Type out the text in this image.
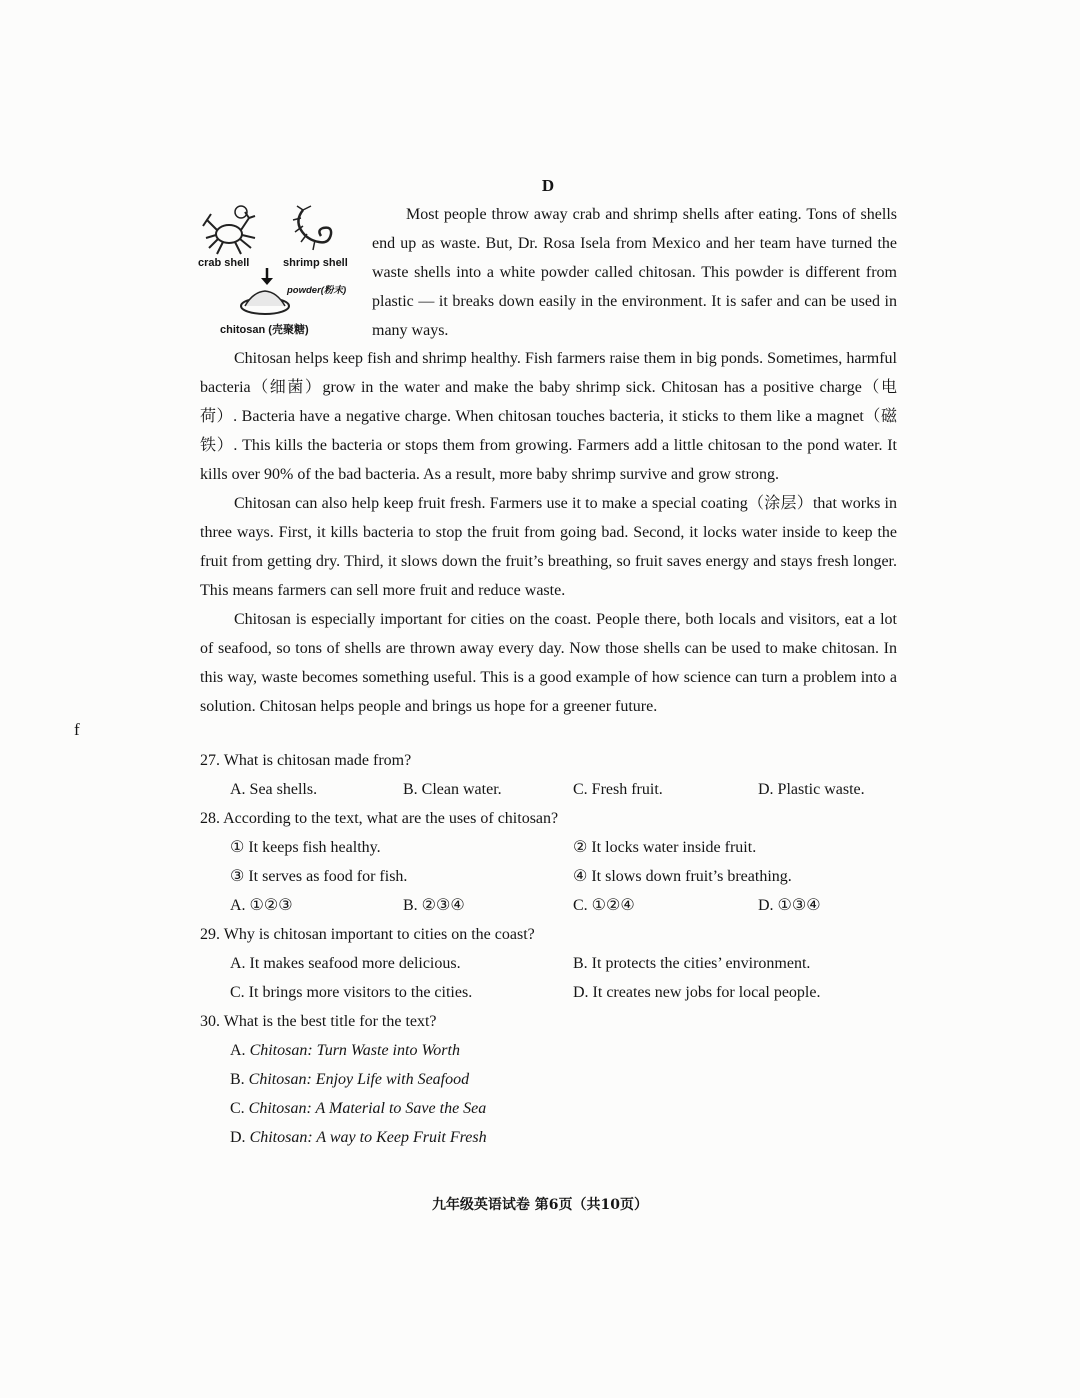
D
crab shell	shrimp shell
powder(粉末)
chitosan (壳聚糖)

Most people throw away crab and shrimp shells after eating. Tons of shells end up as waste. But, Dr. Rosa Isela from Mexico and her team have turned the waste shells into a white powder called chitosan. This powder is different from plastic — it breaks down easily in the environment. It is safer and can be used in many ways.

Chitosan helps keep fish and shrimp healthy. Fish farmers raise them in big ponds. Sometimes, harmful bacteria（细菌）grow in the water and make the baby shrimp sick. Chitosan has a positive charge（电荷）. Bacteria have a negative charge. When chitosan touches bacteria, it sticks to them like a magnet（磁铁）. This kills the bacteria or stops them from growing. Farmers add a little chitosan to the pond water. It kills over 90% of the bad bacteria. As a result, more baby shrimp survive and grow strong.

Chitosan can also help keep fruit fresh. Farmers use it to make a special coating（涂层）that works in three ways. First, it kills bacteria to stop the fruit from going bad. Second, it locks water inside to keep the fruit from getting dry. Third, it slows down the fruit’s breathing, so fruit saves energy and stays fresh longer. This means farmers can sell more fruit and reduce waste.

Chitosan is especially important for cities on the coast. People there, both locals and visitors, eat a lot of seafood, so tons of shells are thrown away every day. Now those shells can be used to make chitosan. In this way, waste becomes something useful. This is a good example of how science can turn a problem into a solution. Chitosan helps people and brings us hope for a greener future.

f

27. What is chitosan made from?

A. Sea shells.	B. Clean water.	C. Fresh fruit.	D. Plastic waste.

28. According to the text, what are the uses of chitosan?

① It keeps fish healthy.	② It locks water inside fruit.
③ It serves as food for fish.	④ It slows down fruit’s breathing.
A. ①②③	B. ②③④	C. ①②④	D. ①③④

29. Why is chitosan important to cities on the coast?

A. It makes seafood more delicious.	B. It protects the cities’ environment.
C. It brings more visitors to the cities.	D. It creates new jobs for local people.

30. What is the best title for the text?

A. Chitosan: Turn Waste into Worth
B. Chitosan: Enjoy Life with Seafood
C. Chitosan: A Material to Save the Sea
D. Chitosan: A way to Keep Fruit Fresh
九年级英语试卷 第6页（共10页）
